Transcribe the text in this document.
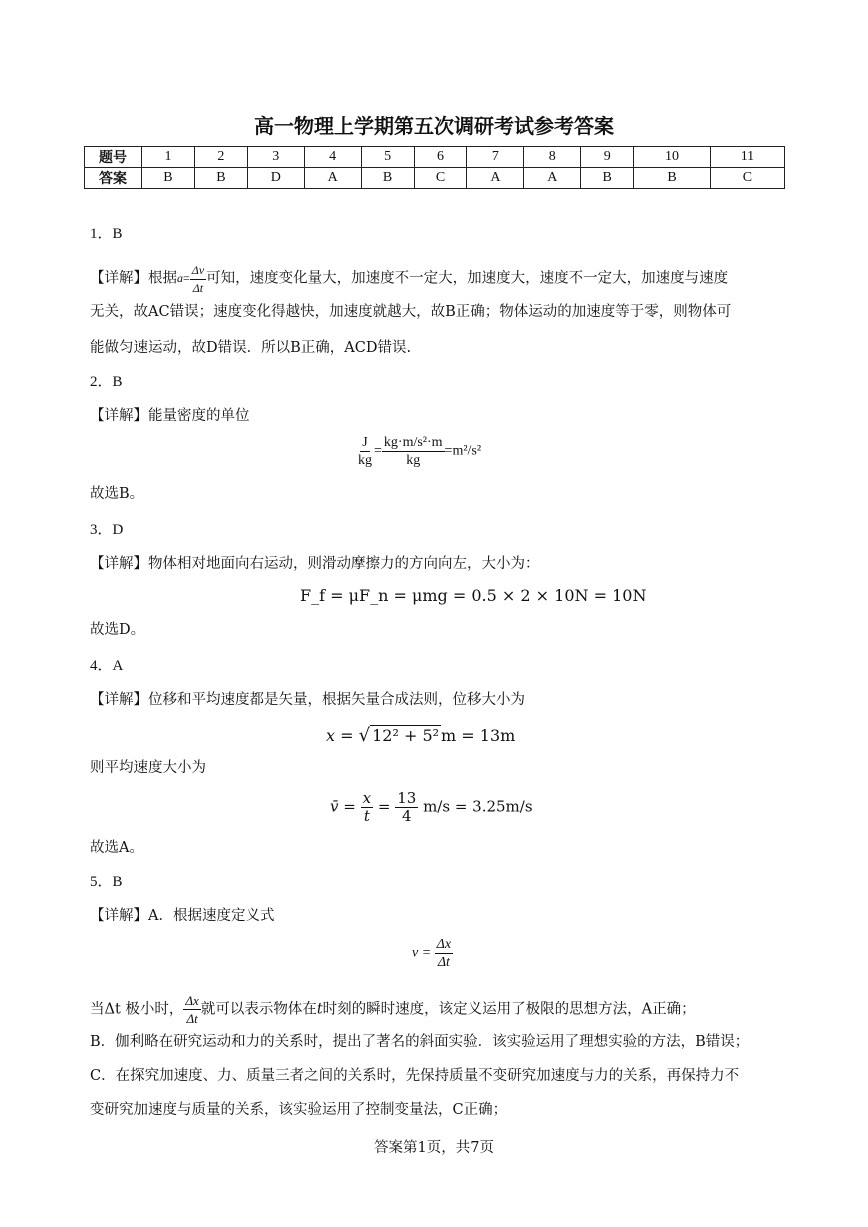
高一物理上学期第五次调研考试参考答案
题号	1	2	3	4	5	6	7	8	9	10	11
答案	B	B	D	A	B	C	A	A	B	B	C
1．B
【详解】根据$a= \frac{\Delta v}{\Delta t}$ 可知，速度变化量大，加速度不一定大，加速度大，速度不一定大，加速度与速度
无关，故AC错误；速度变化得越快，加速度就越大，故B正确；物体运动的加速度等于零，则物体可
能做匀速运动，故D错误．所以B正确，ACD错误.
2．B
【详解】能量密度的单位
$\frac{J}{kg} = \frac{\text{kg·m/s²·m}}{kg} =m^2/s^2$
故选B。
3．D
【详解】物体相对地面向右运动，则滑动摩擦力的方向向左，大小为：
F_f = μF_n = μmg = 0.5 × 2 × 10N = 10N
故选D。
4．A
【详解】位移和平均速度都是矢量，根据矢量合成法则，位移大小为
x = √ 12² + 5² m = 13m
则平均速度大小为
v̄ = $\frac{x}{t} = \frac{13}{4} m/s = 3.25m/s$
故选A。
5．B
【详解】A．根据速度定义式
$v = \frac{\Delta x}{\Delta t}$
当Δt 极小时， $\frac{\Delta x}{\Delta t}$ 就可以表示物体在t时刻的瞬时速度，该定义运用了极限的思想方法，A正确；
B．伽利略在研究运动和力的关系时，提出了著名的斜面实验．该实验运用了理想实验的方法，B错误；
C．在探究加速度、力、质量三者之间的关系时，先保持质量不变研究加速度与力的关系，再保持力不
变研究加速度与质量的关系，该实验运用了控制变量法，C正确；
答案第1页，共7页
